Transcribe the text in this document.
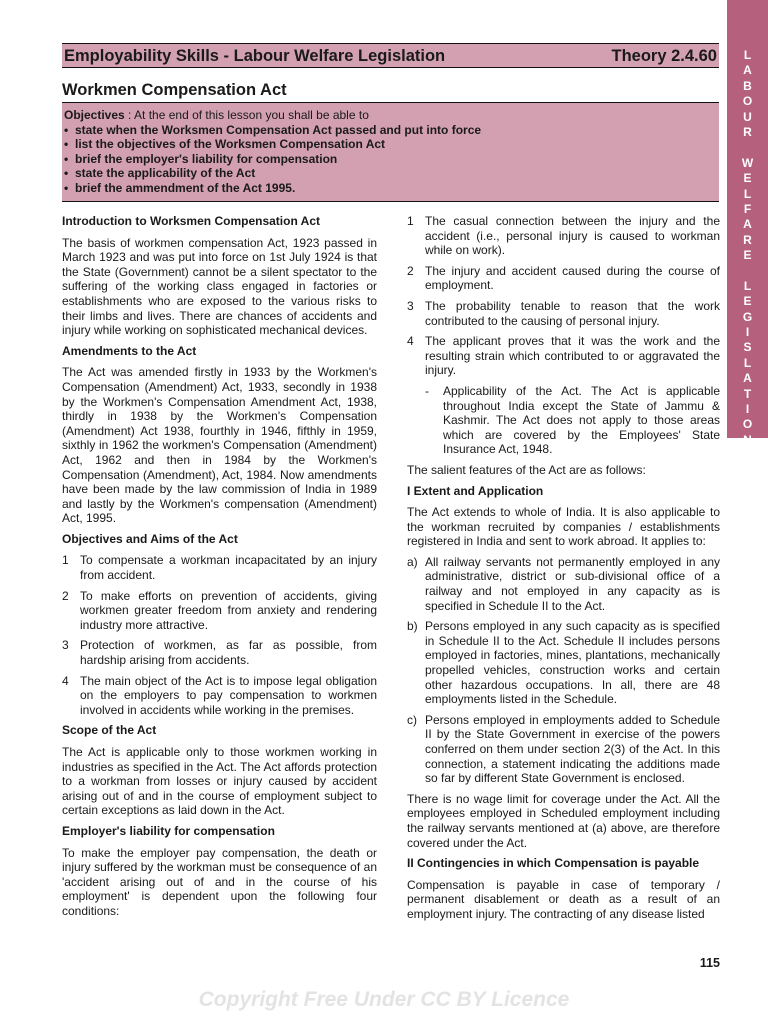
L
A
B
O
U
R
W
E
L
F
A
R
E
L
E
G
I
S
L
A
T
I
O
N
Employability Skills - Labour Welfare Legislation	Theory 2.4.60
Workmen Compensation Act
Objectives : At the end of this lesson you shall be able to
• state when the Worksmen Compensation Act passed and put into force
• list the objectives of the Worksmen Compensation Act
• brief the employer's liability for compensation
• state the applicability of the Act
• brief the ammendment of the Act 1995.
Introduction to Worksmen Compensation Act
The basis of workmen compensation Act, 1923 passed in March 1923 and was put into force on 1st July 1924 is that the State (Government) cannot be a silent spectator to the suffering of the working class engaged in factories or establishments who are exposed to the various risks to their limbs and lives. There are chances of accidents and injury while working on sophisticated mechanical devices.
Amendments to the Act
The Act was amended firstly in 1933 by the Workmen's Compensation (Amendment) Act, 1933, secondly in 1938 by the Workmen's Compensation Amendment Act, 1938, thirdly in 1938 by the Workmen's Compensation (Amendment) Act 1938, fourthly in 1946, fifthly in 1959, sixthly in 1962 the workmen's Compensation (Amendment) Act, 1962 and then in 1984 by the Workmen's Compensation (Amendment), Act, 1984. Now amendments have been made by the law commission of India in 1989 and lastly by the Workmen's compensation (Amendment) Act, 1995.
Objectives and Aims of the Act
1 To compensate a workman incapacitated by an injury from accident.
2 To make efforts on prevention of accidents, giving workmen greater freedom from anxiety and rendering industry more attractive.
3 Protection of workmen, as far as possible, from hardship arising from accidents.
4 The main object of the Act is to impose legal obligation on the employers to pay compensation to workmen involved in accidents while working in the premises.
Scope of the Act
The Act is applicable only to those workmen working in industries as specified in the Act. The Act affords protection to a workman from losses or injury caused by accident arising out of and in the course of employment subject to certain exceptions as laid down in the Act.
Employer's liability for compensation
To make the employer pay compensation, the death or injury suffered by the workman must be consequence of an 'accident arising out of and in the course of his employment' is dependent upon the following four conditions:
1 The casual connection between the injury and the accident (i.e., personal injury is caused to workman while on work).
2 The injury and accident caused during the course of employment.
3 The probability tenable to reason that the work contributed to the causing of personal injury.
4 The applicant proves that it was the work and the resulting strain which contributed to or aggravated the injury.
-	Applicability of the Act. The Act is applicable throughout India except the State of Jammu & Kashmir. The Act does not apply to those areas which are covered by the Employees' State Insurance Act, 1948.
The salient features of the Act are as follows:
I Extent and Application
The Act extends to whole of India. It is also applicable to the workman recruited by companies / establishments registered in India and sent to work abroad. It applies to:
a) All railway servants not permanently employed in any administrative, district or sub-divisional office of a railway and not employed in any capacity as is specified in Schedule II to the Act.
b) Persons employed in any such capacity as is specified in Schedule II to the Act. Schedule II includes persons employed in factories, mines, plantations, mechanically propelled vehicles, construction works and certain other hazardous occupations. In all, there are 48 employments listed in the Schedule.
c) Persons employed in employments added to Schedule II by the State Government in exercise of the powers conferred on them under section 2(3) of the Act. In this connection, a statement indicating the additions made so far by different State Government is enclosed.
There is no wage limit for coverage under the Act. All the employees employed in Scheduled employment including the railway servants mentioned at (a) above, are therefore covered under the Act.
II Contingencies in which Compensation is payable
Compensation is payable in case of temporary / permanent disablement or death as a result of an employment injury. The contracting of any disease listed
115
Copyright Free Under CC BY Licence
